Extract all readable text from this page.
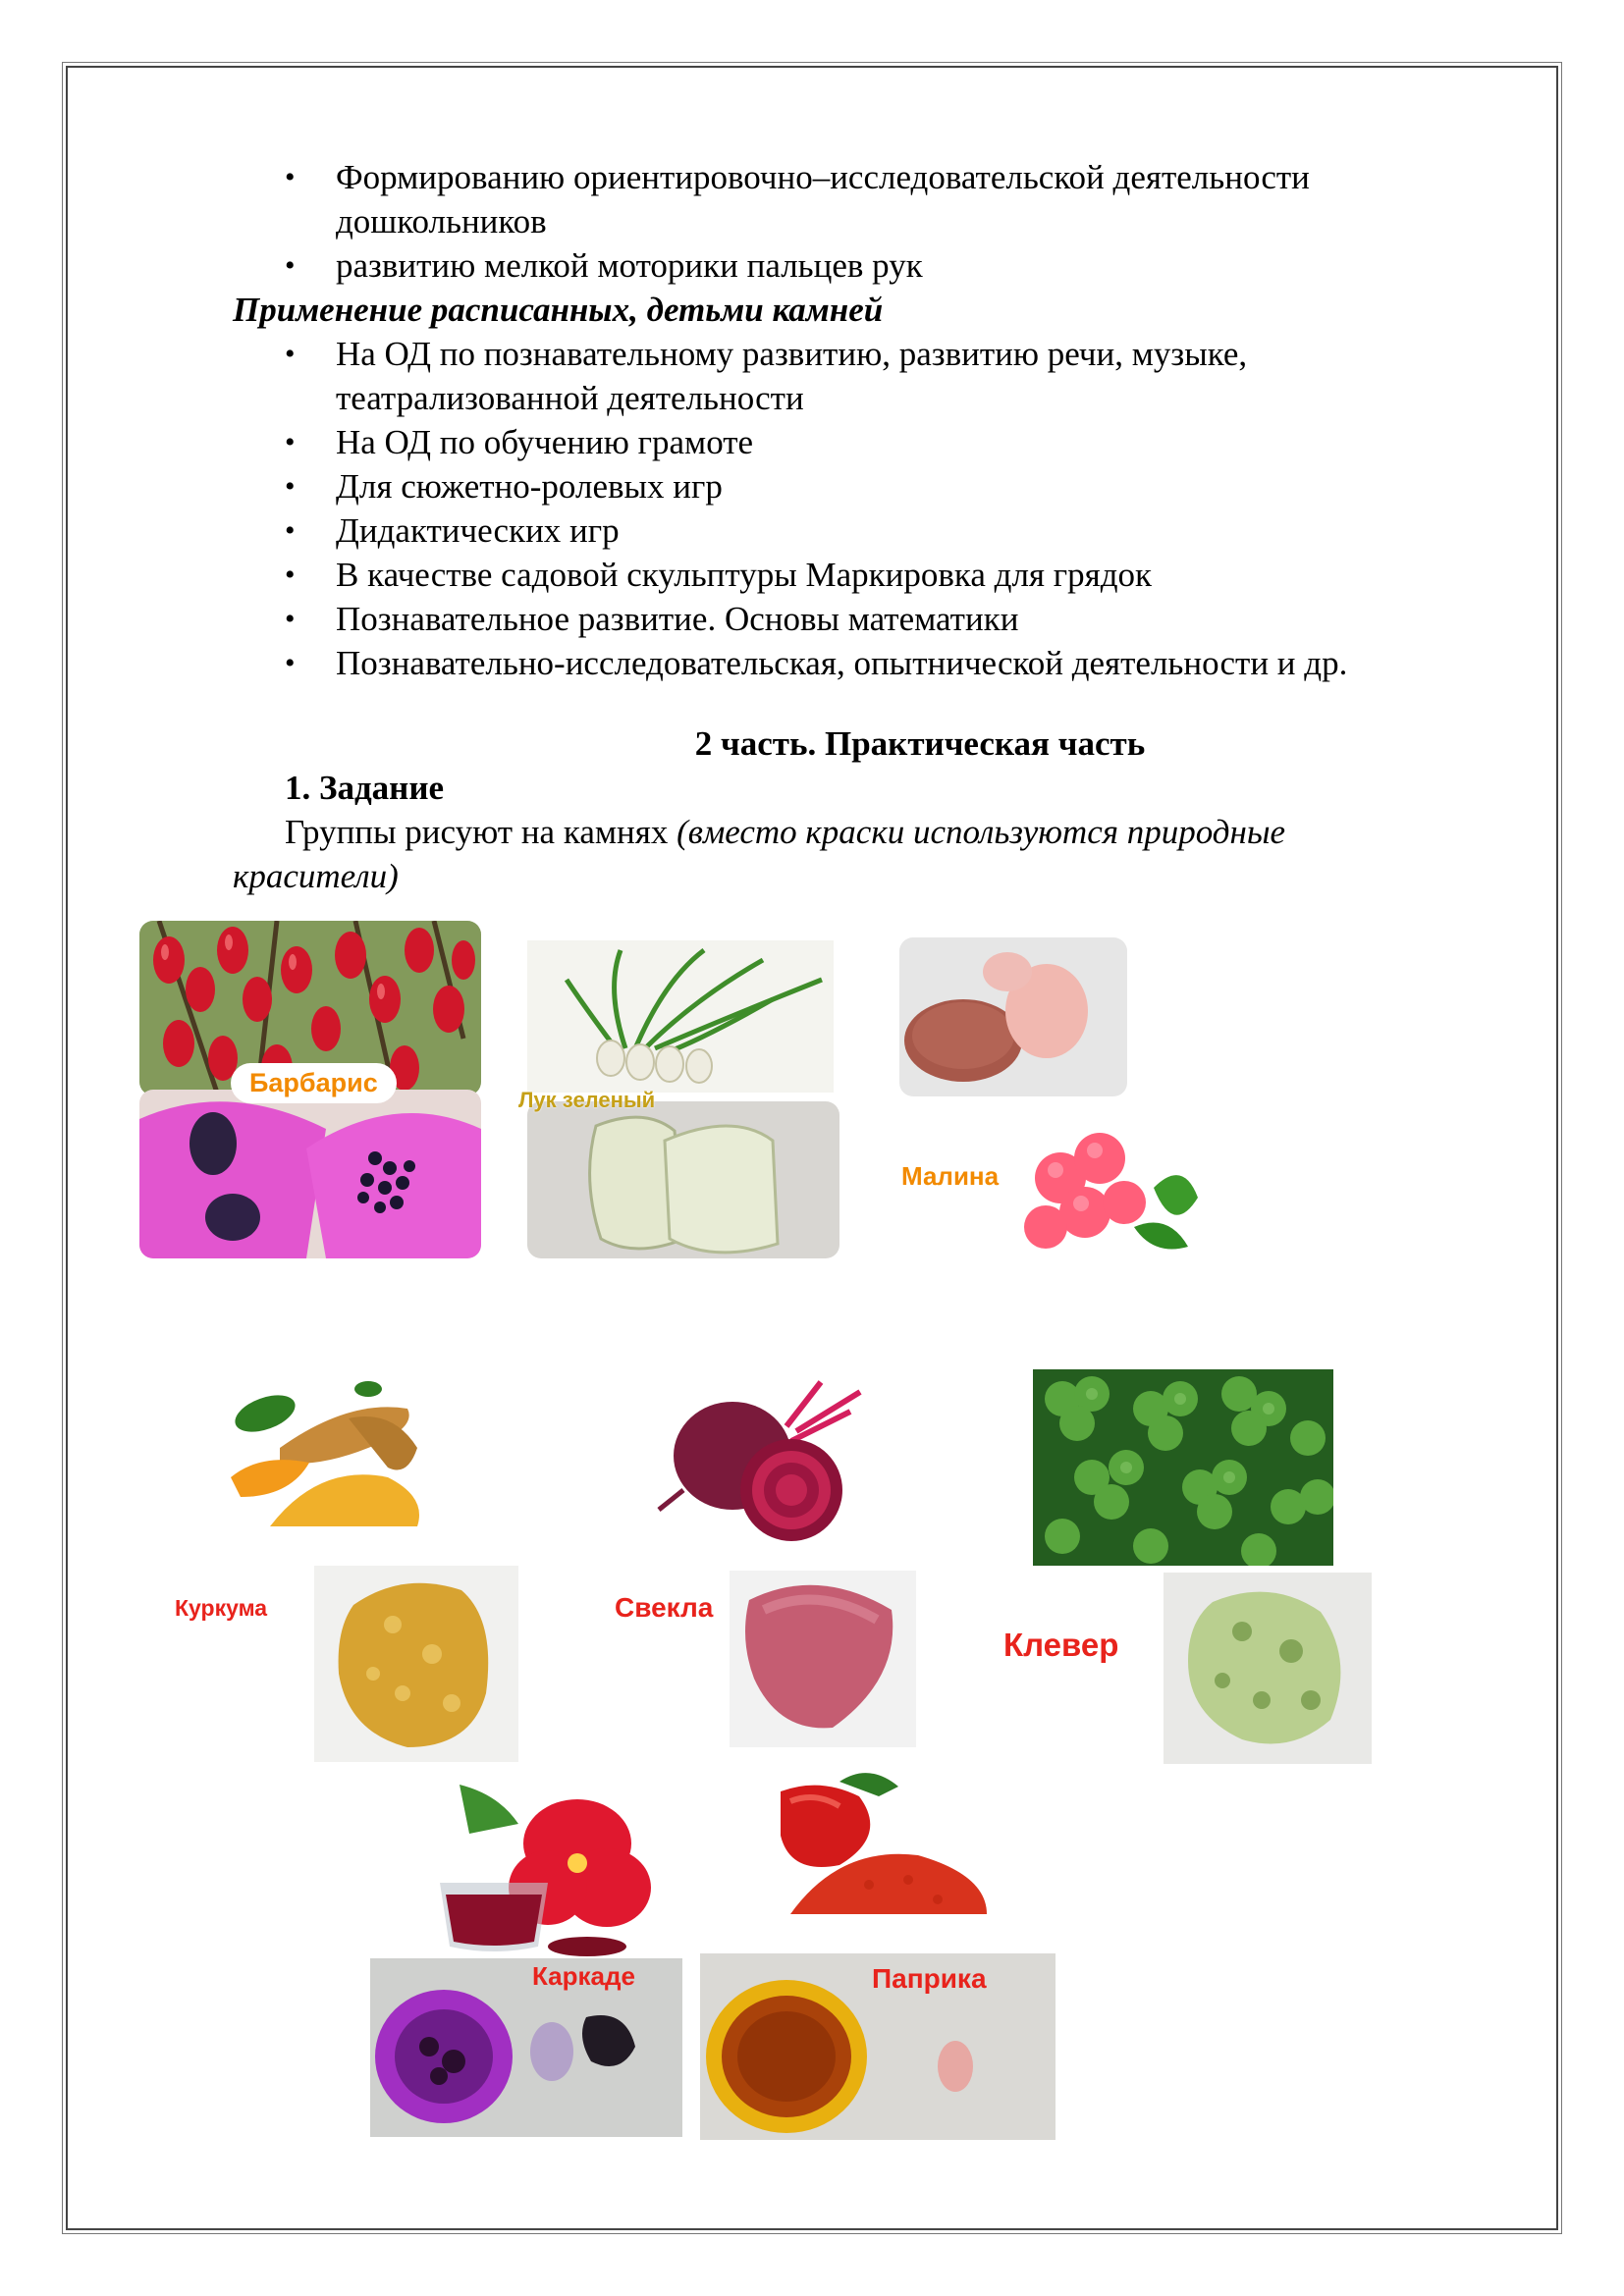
• Формированию ориентировочно–исследовательской деятельности дошкольников
• развитию мелкой моторики пальцев рук
Применение расписанных, детьми камней
• На ОД по познавательному развитию, развитию речи, музыке, театрализованной деятельности
• На ОД по обучению грамоте
• Для сюжетно-ролевых игр
• Дидактических игр
• В качестве садовой скульптуры Маркировка для грядок
• Познавательное развитие. Основы математики
• Познавательно-исследовательская, опытнической деятельности и др.
2 часть. Практическая часть
1. Задание
Группы рисуют на камнях (вместо краски используются природные красители)
Барбарис
Лук зеленый
Малина
Куркума	Свекла
Клевер
Каркаде	Паприка
